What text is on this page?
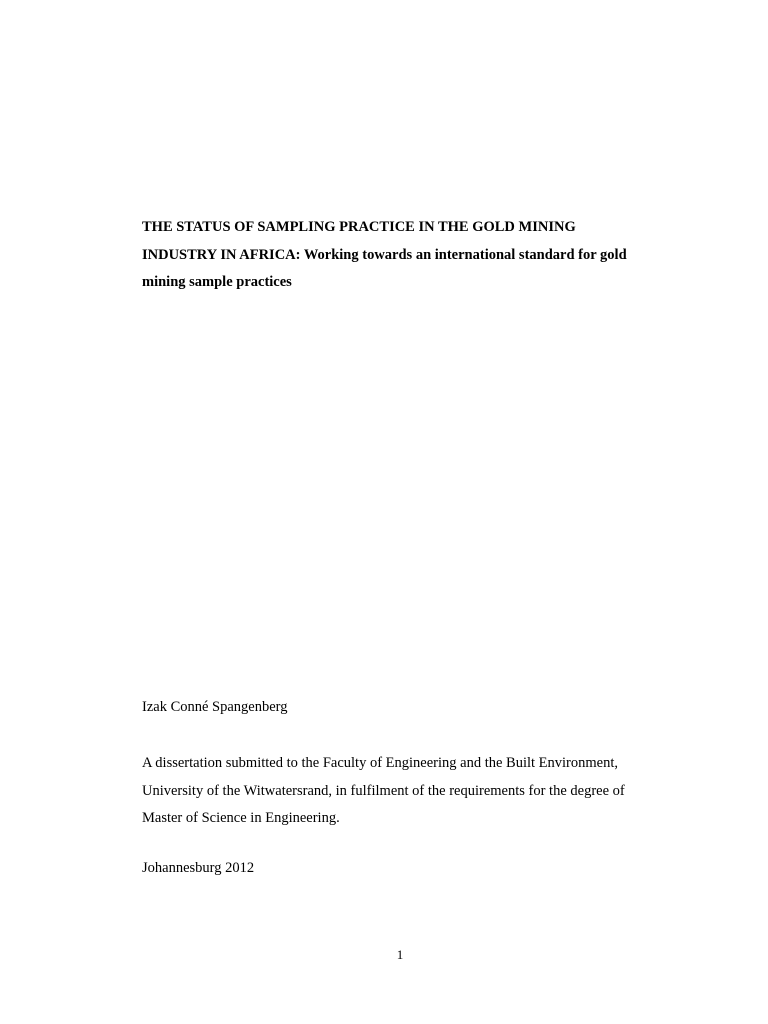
THE STATUS OF SAMPLING PRACTICE IN THE GOLD MINING
INDUSTRY IN AFRICA: Working towards an international standard for gold
mining sample practices
Izak Conné Spangenberg
A dissertation submitted to the Faculty of Engineering and the Built Environment,
University of the Witwatersrand, in fulfilment of the requirements for the degree of
Master of Science in Engineering.
Johannesburg 2012
1
